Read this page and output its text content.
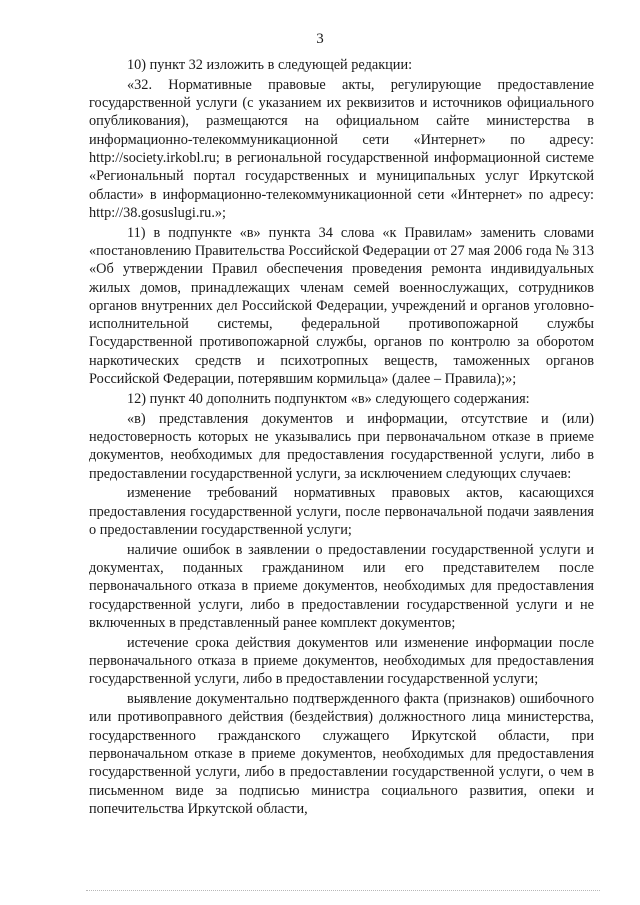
3

10) пункт 32 изложить в следующей редакции:

«32. Нормативные правовые акты, регулирующие предоставление государственной услуги (с указанием их реквизитов и источников официального опубликования), размещаются на официальном сайте министерства в информационно-телекоммуникационной сети «Интернет» по адресу: http://society.irkobl.ru; в региональной государственной информационной системе «Региональный портал государственных и муниципальных услуг Иркутской области» в информационно-телекоммуникационной сети «Интернет» по адресу: http://38.gosuslugi.ru.»;

11) в подпункте «в» пункта 34 слова «к Правилам» заменить словами «постановлению Правительства Российской Федерации от 27 мая 2006 года № 313 «Об утверждении Правил обеспечения проведения ремонта индивидуальных жилых домов, принадлежащих членам семей военнослужащих, сотрудников органов внутренних дел Российской Федерации, учреждений и органов уголовно-исполнительной системы, федеральной противопожарной службы Государственной противопожарной службы, органов по контролю за оборотом наркотических средств и психотропных веществ, таможенных органов Российской Федерации, потерявшим кормильца» (далее – Правила);»;

12) пункт 40 дополнить подпунктом «в» следующего содержания:

«в) представления документов и информации, отсутствие и (или) недостоверность которых не указывались при первоначальном отказе в приеме документов, необходимых для предоставления государственной услуги, либо в предоставлении государственной услуги, за исключением следующих случаев:

изменение требований нормативных правовых актов, касающихся предоставления государственной услуги, после первоначальной подачи заявления о предоставлении государственной услуги;

наличие ошибок в заявлении о предоставлении государственной услуги и документах, поданных гражданином или его представителем после первоначального отказа в приеме документов, необходимых для предоставления государственной услуги, либо в предоставлении государственной услуги и не включенных в представленный ранее комплект документов;

истечение срока действия документов или изменение информации после первоначального отказа в приеме документов, необходимых для предоставления государственной услуги, либо в предоставлении государственной услуги;

выявление документально подтвержденного факта (признаков) ошибочного или противоправного действия (бездействия) должностного лица министерства, государственного гражданского служащего Иркутской области, при первоначальном отказе в приеме документов, необходимых для предоставления государственной услуги, либо в предоставлении государственной услуги, о чем в письменном виде за подписью министра социального развития, опеки и попечительства Иркутской области,
